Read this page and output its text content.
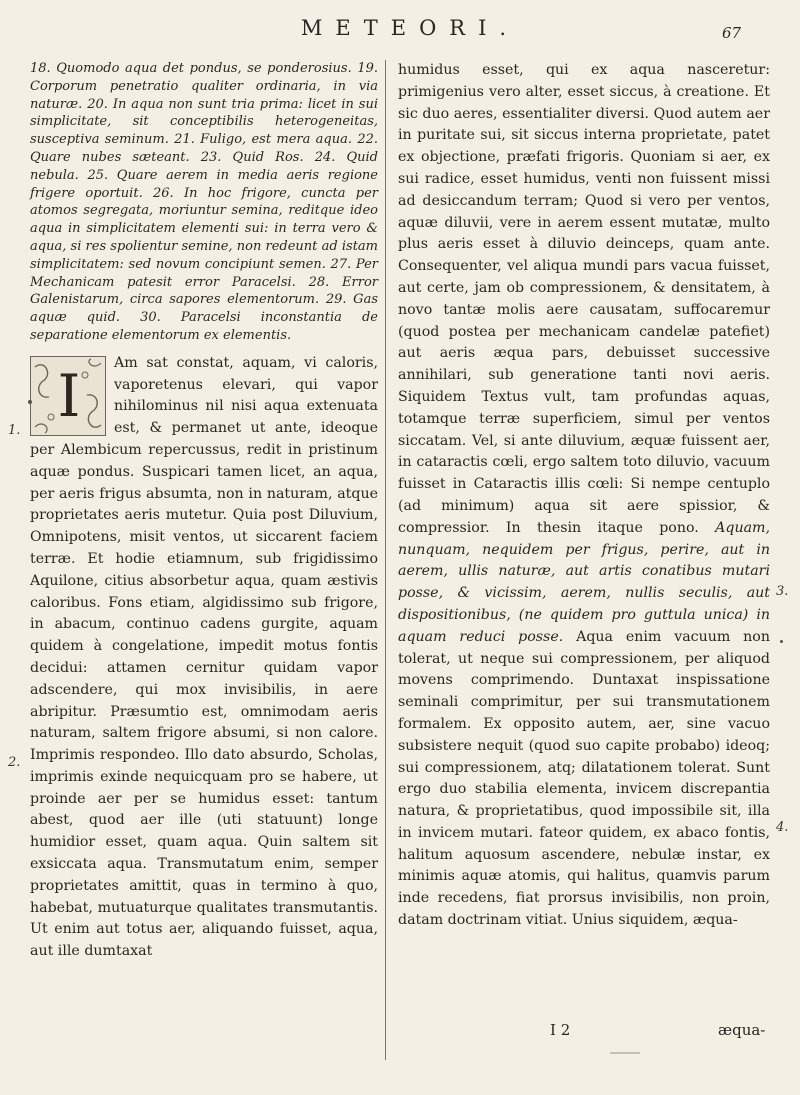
METEORI.	67

18. Quomodo aqua det pondus, se ponderosius. 19. Corporum penetratio qualiter ordinaria, in via naturæ. 20. In aqua non sunt tria prima: licet in sui simplicitate, sit conceptibilis heterogeneitas, susceptiva seminum. 21. Fuligo, est mera aqua. 22. Quare nubes sæteant. 23. Quid Ros. 24. Quid nebula. 25. Quare aerem in media aeris regione frigere oportuit. 26. In hoc frigore, cuncta per atomos segregata, moriuntur semina, reditque ideo aqua in simplicitatem elementi sui: in terra vero & aqua, si res spolientur semine, non redeunt ad istam simplicitatem: sed novum concipiunt semen. 27. Per Mechanicam patesit error Paracelsi. 28. Error Galenistarum, circa sapores elementorum. 29. Gas aquæ quid. 30. Paracelsi inconstantia de separatione elementorum ex elementis.

I	Am sat constat, aquam, vi caloris, vaporetenus elevari, qui vapor nihilominus nil nisi aqua extenuata est, & permanet ut ante, ideoque per Alembicum repercussus, redit in pristinum aquæ pondus. Suspicari tamen licet, an aqua, per aeris frigus absumta, non in naturam, atque proprietates aeris mutetur. Quia post Diluvium, Omnipotens, misit ventos, ut siccarent faciem terræ. Et hodie etiamnum, sub frigidissimo Aquilone, citius absorbetur aqua, quam æstivis caloribus. Fons etiam, algidissimo sub frigore, in abacum, continuo cadens gurgite, aquam quidem à congelatione, impedit motus fontis decidui: attamen cernitur quidam vapor adscendere, qui mox invisibilis, in aere abripitur. Præsumtio est, omnimodam aeris naturam, saltem frigore absumi, si non calore. Imprimis respondeo. Illo dato absurdo, Scholas, imprimis exinde nequicquam pro se habere, ut proinde aer per se humidus esset: tantum abest, quod aer ille (uti statuunt) longe humidior esset, quam aqua. Quin saltem sit exsiccata aqua. Transmutatum enim, semper proprietates amittit, quas in termino à quo, habebat, mutuaturque qualitates transmutantis. Ut enim aut totus aer, aliquando fuisset, aqua, aut ille dumtaxat

humidus esset, qui ex aqua nasceretur: primigenius vero alter, esset siccus, à creatione. Et sic duo aeres, essentialiter diversi. Quod autem aer in puritate sui, sit siccus interna proprietate, patet ex objectione, præfati frigoris. Quoniam si aer, ex sui radice, esset humidus, venti non fuissent missi ad desiccandum terram; Quod si vero per ventos, aquæ diluvii, vere in aerem essent mutatæ, multo plus aeris esset à diluvio deinceps, quam ante. Consequenter, vel aliqua mundi pars vacua fuisset, aut certe, jam ob compressionem, & densitatem, à novo tantæ molis aere causatam, suffocaremur (quod postea per mechanicam candelæ patefiet) aut aeris æqua pars, debuisset successive annihilari, sub generatione tanti novi aeris. Siquidem Textus vult, tam profundas aquas, totamque terræ superficiem, simul per ventos siccatam. Vel, si ante diluvium, æquæ fuissent aer, in cataractis cœli, ergo saltem toto diluvio, vacuum fuisset in Cataractis illis cœli: Si nempe centuplo (ad minimum) aqua sit aere spissior, & compressior. In thesin itaque pono. Aquam, nunquam, nequidem per frigus, perire, aut in aerem, ullis naturæ, aut artis conatibus mutari posse, & vicissim, aerem, nullis seculis, aut dispositionibus, (ne quidem pro guttula unica) in aquam reduci posse. Aqua enim vacuum non tolerat, ut neque sui compressionem, per aliquod movens comprimendo. Duntaxat inspissatione seminali comprimitur, per sui transmutationem formalem. Ex opposito autem, aer, sine vacuo subsistere nequit (quod suo capite probabo) ideoq; sui compressionem, atq; dilatationem tolerat. Sunt ergo duo stabilia elementa, invicem discrepantia natura, & proprietatibus, quod impossibile sit, illa in invicem mutari. fateor quidem, ex abaco fontis, halitum aquosum ascendere, nebulæ instar, ex minimis aquæ atomis, qui halitus, quamvis parum inde recedens, fiat prorsus invisibilis, non proin, datam doctrinam vitiat. Unius siquidem, æqua-

1.
2.
3.
4.
I 2	æqua-
